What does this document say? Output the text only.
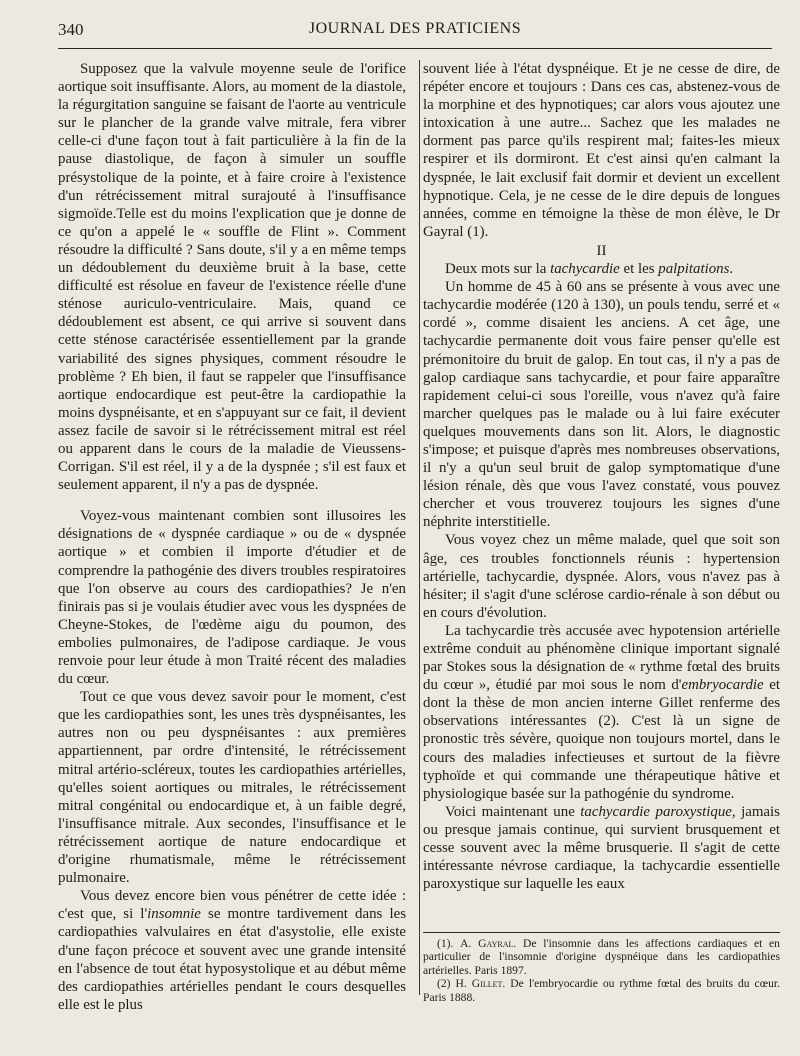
340	JOURNAL DES PRATICIENS

Supposez que la valvule moyenne seule de l'orifice aortique soit insuffisante. Alors, au moment de la diastole, la régurgitation sanguine se faisant de l'aorte au ventricule sur le plancher de la grande valve mitrale, fera vibrer celle-ci d'une façon tout à fait particulière à la fin de la pause diastolique, de façon à simuler un souffle présystolique de la pointe, et à faire croire à l'existence d'un rétrécissement mitral surajouté à l'insuffisance sigmoïde.Telle est du moins l'explication que je donne de ce qu'on a appelé le « souffle de Flint ». Comment résoudre la difficulté ? Sans doute, s'il y a en même temps un dédoublement du deuxième bruit à la base, cette difficulté est résolue en faveur de l'existence réelle d'une sténose auriculo-ventriculaire. Mais, quand ce dédoublement est absent, ce qui arrive si souvent dans cette sténose caractérisée essentiellement par la grande variabilité des signes physiques, comment résoudre le problème ? Eh bien, il faut se rappeler que l'insuffisance aortique endocardique est peut-être la cardiopathie la moins dyspnéisante, et en s'appuyant sur ce fait, il devient assez facile de savoir si le rétrécissement mitral est réel ou apparent dans le cours de la maladie de Vieussens-Corrigan. S'il est réel, il y a de la dyspnée ; s'il est faux et seulement apparent, il n'y a pas de dyspnée.

Voyez-vous maintenant combien sont illusoires les désignations de « dyspnée cardiaque » ou de « dyspnée aortique » et combien il importe d'étudier et de comprendre la pathogénie des divers troubles respiratoires que l'on observe au cours des cardiopathies? Je n'en finirais pas si je voulais étudier avec vous les dyspnées de Cheyne-Stokes, de l'œdème aigu du poumon, des embolies pulmonaires, de l'adipose cardiaque. Je vous renvoie pour leur étude à mon Traité récent des maladies du cœur.

Tout ce que vous devez savoir pour le moment, c'est que les cardiopathies sont, les unes très dyspnéisantes, les autres non ou peu dyspnéisantes : aux premières appartiennent, par ordre d'intensité, le rétrécissement mitral artério-scléreux, toutes les cardiopathies artérielles, qu'elles soient aortiques ou mitrales, le rétrécissement mitral congénital ou endocardique et, à un faible degré, l'insuffisance mitrale. Aux secondes, l'insuffisance et le rétrécissement aortique de nature endocardique et d'origine rhumatismale, même le rétrécissement pulmonaire.

Vous devez encore bien vous pénétrer de cette idée : c'est que, si l'insomnie se montre tardivement dans les cardiopathies valvulaires en état d'asystolie, elle existe d'une façon précoce et souvent avec une grande intensité en l'absence de tout état hyposystolique et au début même des cardiopathies artérielles pendant le cours desquelles elle est le plus

souvent liée à l'état dyspnéique. Et je ne cesse de dire, de répéter encore et toujours : Dans ces cas, abstenez-vous de la morphine et des hypnotiques; car alors vous ajoutez une intoxication à une autre... Sachez que les malades ne dorment pas parce qu'ils respirent mal; faites-les mieux respirer et ils dormiront. Et c'est ainsi qu'en calmant la dyspnée, le lait exclusif fait dormir et devient un excellent hypnotique. Cela, je ne cesse de le dire depuis de longues années, comme en témoigne la thèse de mon élève, le Dr Gayral (1).

II

Deux mots sur la tachycardie et les palpitations.

Un homme de 45 à 60 ans se présente à vous avec une tachycardie modérée (120 à 130), un pouls tendu, serré et « cordé », comme disaient les anciens. A cet âge, une tachycardie permanente doit vous faire penser qu'elle est prémonitoire du bruit de galop. En tout cas, il n'y a pas de galop cardiaque sans tachycardie, et pour faire apparaître rapidement celui-ci sous l'oreille, vous n'avez qu'à faire marcher quelques pas le malade ou à lui faire exécuter quelques mouvements dans son lit. Alors, le diagnostic s'impose; et puisque d'après mes nombreuses observations, il n'y a qu'un seul bruit de galop symptomatique d'une lésion rénale, dès que vous l'avez constaté, vous pouvez chercher et vous trouverez toujours les signes d'une néphrite interstitielle.

Vous voyez chez un même malade, quel que soit son âge, ces troubles fonctionnels réunis : hypertension artérielle, tachycardie, dyspnée. Alors, vous n'avez pas à hésiter; il s'agit d'une sclérose cardio-rénale à son début ou en cours d'évolution.

La tachycardie très accusée avec hypotension artérielle extrême conduit au phénomène clinique important signalé par Stokes sous la désignation de « rythme fœtal des bruits du cœur », étudié par moi sous le nom d'embryocardie et dont la thèse de mon ancien interne Gillet renferme des observations intéressantes (2). C'est là un signe de pronostic très sévère, quoique non toujours mortel, dans le cours des maladies infectieuses et surtout de la fièvre typhoïde et qui commande une thérapeutique hâtive et physiologique basée sur la pathogénie du syndrome.

Voici maintenant une tachycardie paroxystique, jamais ou presque jamais continue, qui survient brusquement et cesse souvent avec la même brusquerie. Il s'agit de cette intéressante névrose cardiaque, la tachycardie essentielle paroxystique sur laquelle les eaux

(1). A. Gayral. De l'insomnie dans les affections cardiaques et en particulier de l'insomnie d'origine dyspnéique dans les cardiopathies artérielles. Paris 1897.

(2) H. Gillet. De l'embryocardie ou rythme fœtal des bruits du cœur. Paris 1888.
